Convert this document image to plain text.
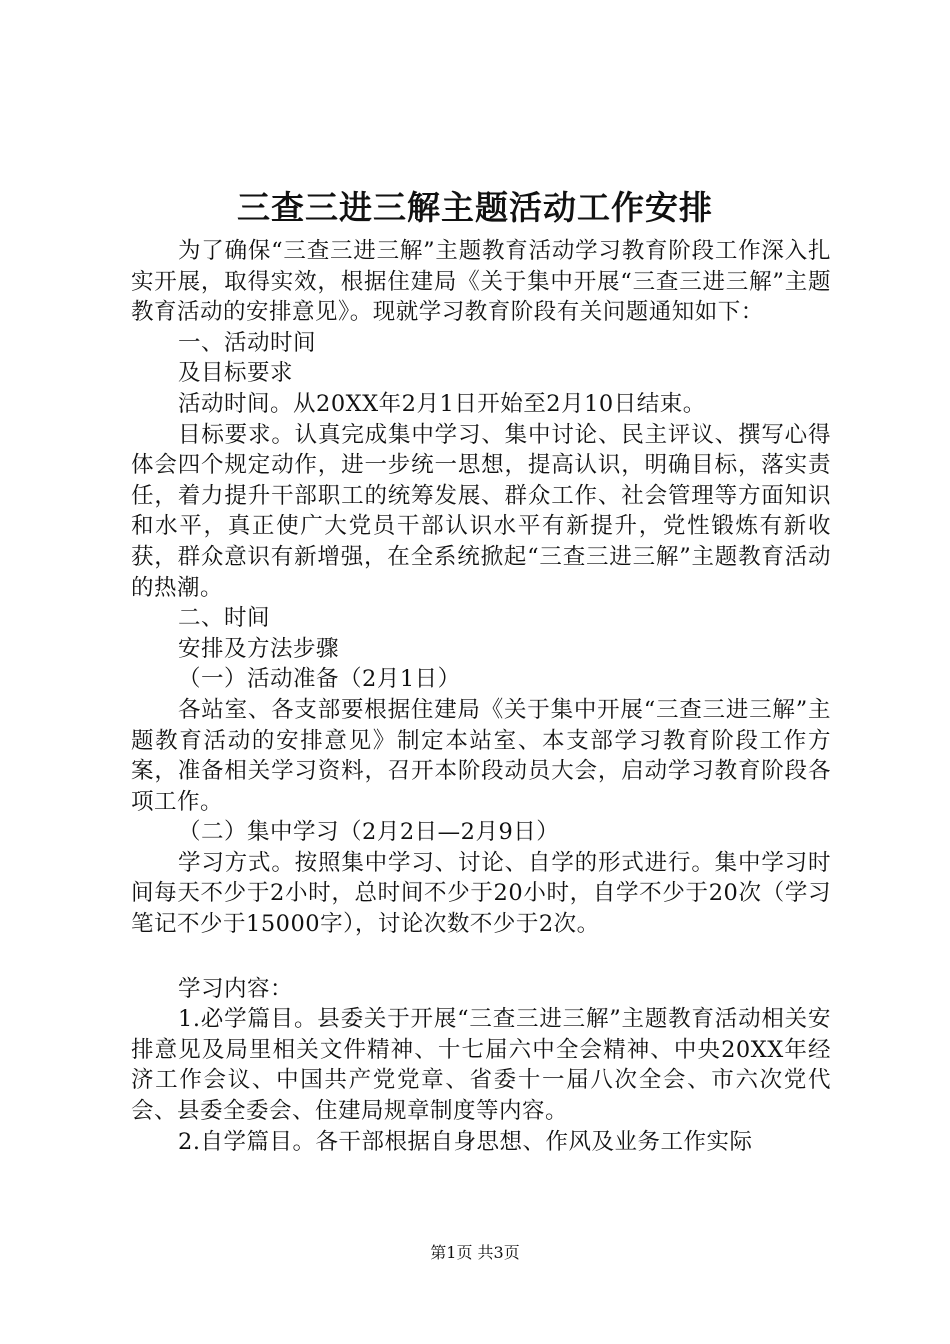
三查三进三解主题活动工作安排

为了确保“三查三进三解”主题教育活动学习教育阶段工作深入扎实开展，取得实效，根据住建局《关于集中开展“三查三进三解”主题教育活动的安排意见》。现就学习教育阶段有关问题通知如下：

一、活动时间

及目标要求

活动时间。从20XX年2月1日开始至2月10日结束。

目标要求。认真完成集中学习、集中讨论、民主评议、撰写心得体会四个规定动作，进一步统一思想，提高认识，明确目标，落实责任，着力提升干部职工的统筹发展、群众工作、社会管理等方面知识和水平，真正使广大党员干部认识水平有新提升，党性锻炼有新收获，群众意识有新增强，在全系统掀起“三查三进三解”主题教育活动的热潮。

二、时间

安排及方法步骤

（一）活动准备（2月1日）

各站室、各支部要根据住建局《关于集中开展“三查三进三解”主题教育活动的安排意见》制定本站室、本支部学习教育阶段工作方案，准备相关学习资料，召开本阶段动员大会，启动学习教育阶段各项工作。

（二）集中学习（2月2日—2月9日）

学习方式。按照集中学习、讨论、自学的形式进行。集中学习时间每天不少于2小时，总时间不少于20小时，自学不少于20次（学习笔记不少于15000字），讨论次数不少于2次。

学习内容：

1.必学篇目。县委关于开展“三查三进三解”主题教育活动相关安排意见及局里相关文件精神、十七届六中全会精神、中央20XX年经济工作会议、中国共产党党章、省委十一届八次全会、市六次党代会、县委全委会、住建局规章制度等内容。

2.自学篇目。各干部根据自身思想、作风及业务工作实际

第1页 共3页
